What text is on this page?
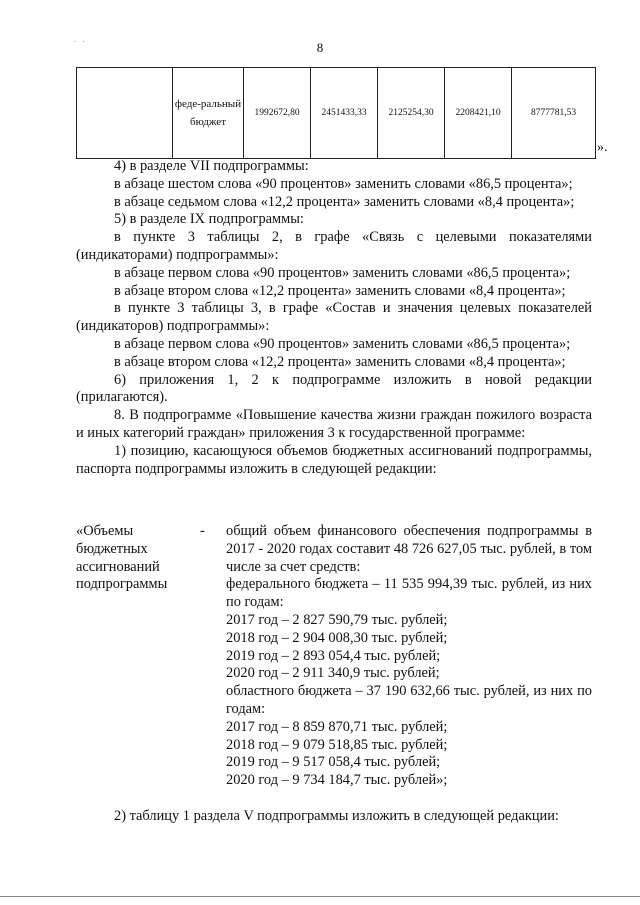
. .
8
	феде-ральный бюджет	1992672,80	2451433,33	2125254,30	2208421,10	8777781,53
».

4) в разделе VII подпрограммы:

в абзаце шестом слова «90 процентов» заменить словами «86,5 процента»;

в абзаце седьмом слова «12,2 процента» заменить словами «8,4 процента»;

5) в разделе IX подпрограммы:

в пункте 3 таблицы 2, в графе «Связь с целевыми показателями (индикаторами) подпрограммы»:

в абзаце первом слова «90 процентов» заменить словами «86,5 процента»;

в абзаце втором слова «12,2 процента» заменить словами «8,4 процента»;

в пункте 3 таблицы 3, в графе «Состав и значения целевых показателей (индикаторов) подпрограммы»:

в абзаце первом слова «90 процентов» заменить словами «86,5 процента»;

в абзаце втором слова «12,2 процента» заменить словами «8,4 процента»;

6) приложения 1, 2 к подпрограмме изложить в новой редакции (прилагаются).

8. В подпрограмме «Повышение качества жизни граждан пожилого возраста и иных категорий граждан» приложения 3 к государственной программе:

1) позицию, касающуюся объемов бюджетных ассигнований подпрограммы, паспорта подпрограммы изложить в следующей редакции:

«Объемы

бюджетных

ассигнований

подпрограммы

- общий объем финансового обеспечения подпрограммы в 2017 - 2020 годах составит 48 726 627,05 тыс. рублей, в том числе за счет средств:

федерального бюджета – 11 535 994,39 тыс. рублей, из них по годам:

2017 год – 2 827 590,79 тыс. рублей;

2018 год – 2 904 008,30 тыс. рублей;

2019 год – 2 893 054,4 тыс. рублей;

2020 год – 2 911 340,9 тыс. рублей;

областного бюджета – 37 190 632,66 тыс. рублей, из них по годам:

2017 год – 8 859 870,71 тыс. рублей;

2018 год – 9 079 518,85 тыс. рублей;

2019 год – 9 517 058,4 тыс. рублей;

2020 год – 9 734 184,7 тыс. рублей»;

2) таблицу 1 раздела V подпрограммы изложить в следующей редакции:
